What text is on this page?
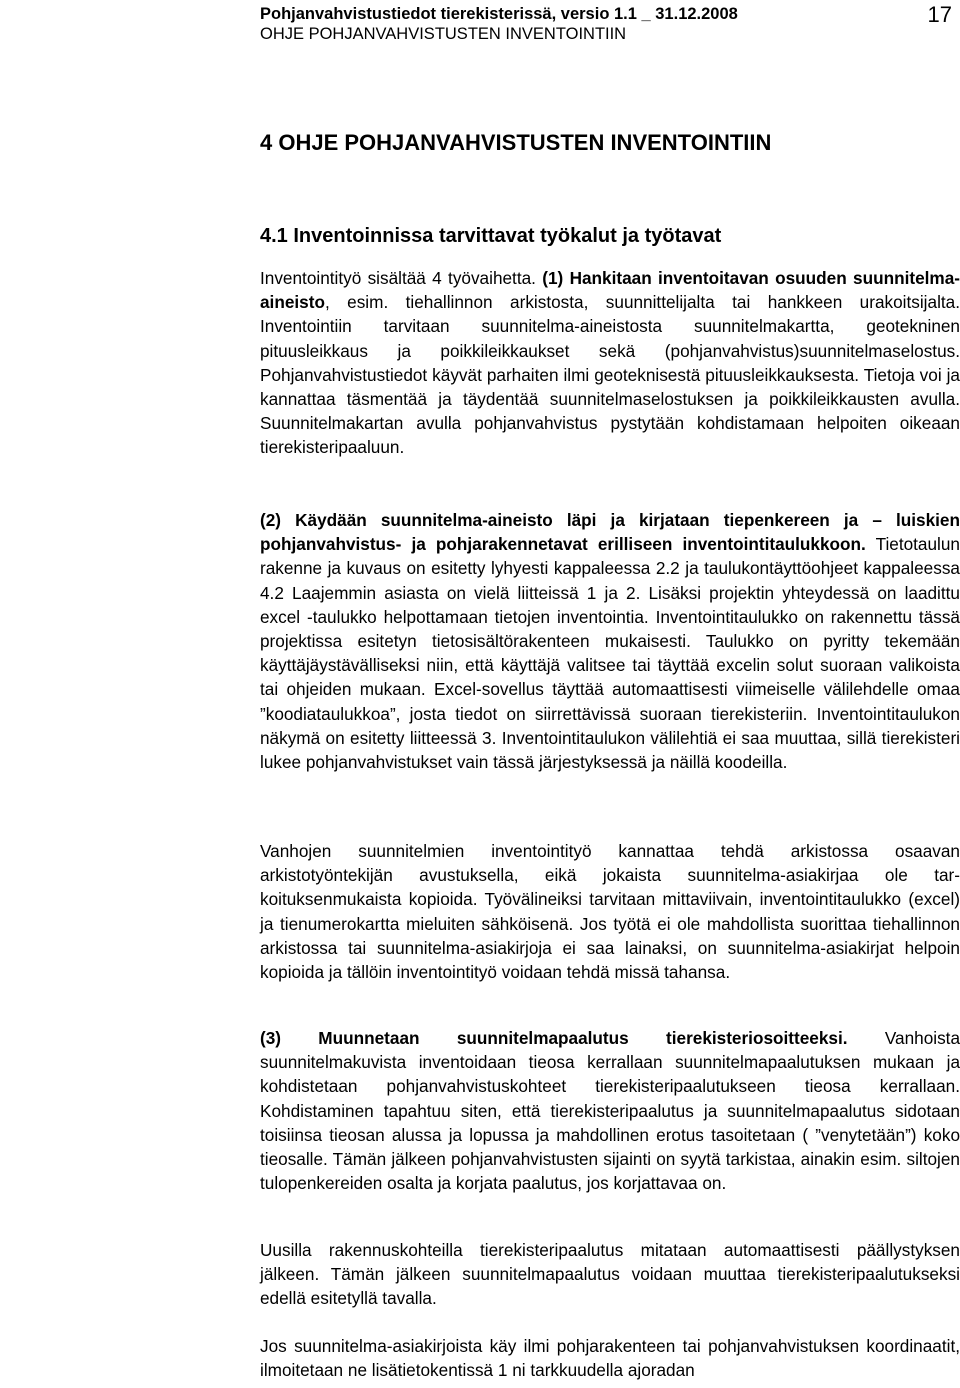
Pohjanvahvistustiedot tierekisterissä, versio 1.1 _ 31.12.2008
OHJE POHJANVAHVISTUSTEN INVENTOINTIIN
17
4 OHJE POHJANVAHVISTUSTEN INVENTOINTIIN
4.1 Inventoinnissa tarvittavat työkalut ja työtavat

Inventointityö sisältää 4 työvaihetta. (1) Hankitaan inventoitavan osuuden suunnitelma-aineisto, esim. tiehallinnon arkistosta, suunnittelijalta tai hankkeen urakoitsijalta. Inventointiin tarvitaan suunnitelma-aineistosta suunnitelmakartta, geotekninen pituusleikkaus ja poikkileikkaukset sekä (pohjanvahvistus)suunnitelmaselostus. Pohjanvahvistustiedot käyvät parhaiten ilmi geoteknisestä pituusleikkauksesta. Tietoja voi ja kannattaa täsmentää ja täydentää suunnitelmaselostuksen ja poikkileikkausten avulla. Suunnitelmakartan avulla pohjanvahvistus pystytään kohdistamaan helpoiten oikeaan tierekisteripaaluun.

(2) Käydään suunnitelma-aineisto läpi ja kirjataan tiepenkereen ja – luiskien pohjanvahvistus- ja pohjarakennetavat erilliseen inventointitaulukkoon. Tietotaulun rakenne ja kuvaus on esitetty lyhyesti kappaleessa 2.2 ja taulukontäyttöohjeet kappaleessa 4.2 Laajemmin asiasta on vielä liitteissä 1 ja 2. Lisäksi projektin yhteydessä on laadittu excel -taulukko helpottamaan tietojen inventointia. Inventointitaulukko on rakennettu tässä projektissa esitetyn tietosisältörakenteen mukaisesti. Taulukko on pyritty tekemään käyttäjäystävälliseksi niin, että käyttäjä valitsee tai täyttää excelin solut suoraan valikoista tai ohjeiden mukaan. Excel-sovellus täyttää automaattisesti viimeiselle välilehdelle omaa ”koodiataulukkoa”, josta tiedot on siirrettävissä suoraan tierekisteriin. Inventointitaulukon näkymä on esitetty liitteessä 3. Inventointitaulukon välilehtiä ei saa muuttaa, sillä tierekisteri lukee pohjanvahvistukset vain tässä järjestyksessä ja näillä koodeilla.

Vanhojen suunnitelmien inventointityö kannattaa tehdä arkistossa osaavan arkistotyöntekijän avustuksella, eikä jokaista suunnitelma-asiakirjaa ole tarkoituksenmukaista kopioida. Työvälineiksi tarvitaan mittaviivain, inventointitaulukko (excel) ja tienumerokartta mieluiten sähköisenä. Jos työtä ei ole mahdollista suorittaa tiehallinnon arkistossa tai suunnitelma-asiakirjoja ei saa lainaksi, on suunnitelma-asiakirjat helpoin kopioida ja tällöin inventointityö voidaan tehdä missä tahansa.

(3) Muunnetaan suunnitelmapaalutus tierekisteriosoitteeksi. Vanhoista suunnitelmakuvista inventoidaan tieosa kerrallaan suunnitelmapaalutuksen mukaan ja kohdistetaan pohjanvahvistuskohteet tierekisteripaalutukseen tieosa kerrallaan. Kohdistaminen tapahtuu siten, että tierekisteripaalutus ja suunnitelmapaalutus sidotaan toisiinsa tieosan alussa ja lopussa ja mahdollinen erotus tasoitetaan ( ”venytetään”) koko tieosalle. Tämän jälkeen pohjanvahvistusten sijainti on syytä tarkistaa, ainakin esim. siltojen tulopenkereiden osalta ja korjata paalutus, jos korjattavaa on.

Uusilla rakennuskohteilla tierekisteripaalutus mitataan automaattisesti päällystyksen jälkeen. Tämän jälkeen suunnitelmapaalutus voidaan muuttaa tierekisteripaalutukseksi edellä esitetyllä tavalla.

Jos suunnitelma-asiakirjoista käy ilmi pohjarakenteen tai pohjanvahvistuksen koordinaatit, ilmoitetaan ne lisätietokentissä 1 ni tarkkuudella ajoradan
